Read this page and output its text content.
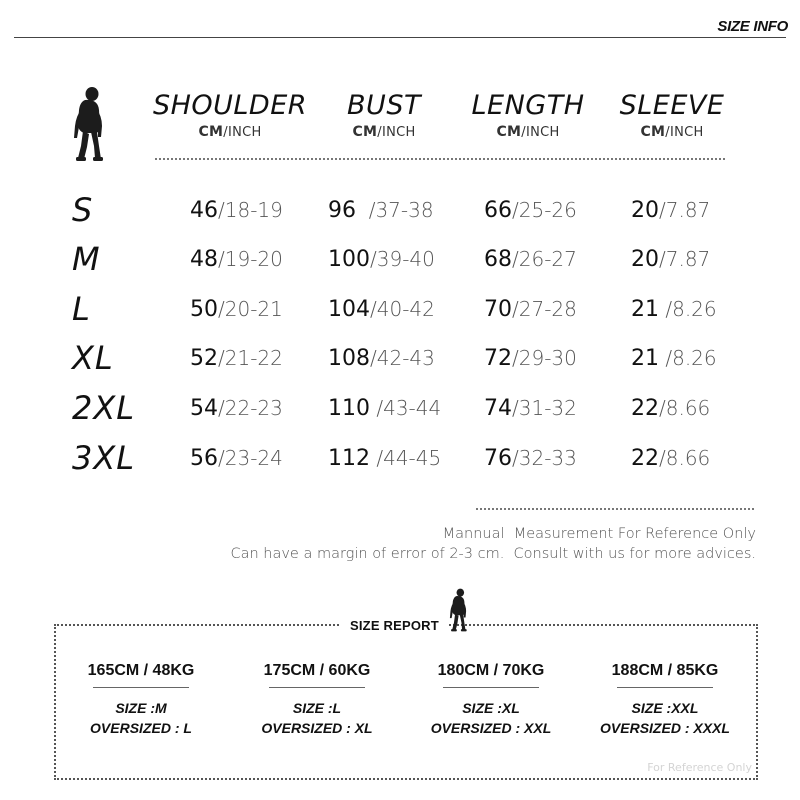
SIZE INFO
SHOULDER
CM/INCH
BUST
CM/INCH
LENGTH
CM/INCH
SLEEVE
CM/INCH
S	46/18-19 96  /37-38 66/25-26 20/7.87
M	48/19-20 100/39-40 68/26-27 20/7.87
L	50/20-21 104/40-42 70/27-28 21 /8.26
XL	52/21-22 108/42-43 72/29-30 21 /8.26
2XL 54/22-23 110 /43-44 74/31-32 22/8.66
3XL 56/23-24 112 /44-45 76/32-33 22/8.66
Mannual  Measurement For Reference Only
Can have a margin of error of 2-3 cm.  Consult with us for more advices.
SIZE REPORT
165CM / 48KG
SIZE :M
OVERSIZED : L
175CM / 60KG
SIZE :L
OVERSIZED : XL
180CM / 70KG
SIZE :XL
OVERSIZED : XXL
188CM / 85KG
SIZE :XXL
OVERSIZED : XXXL
For Reference Only
